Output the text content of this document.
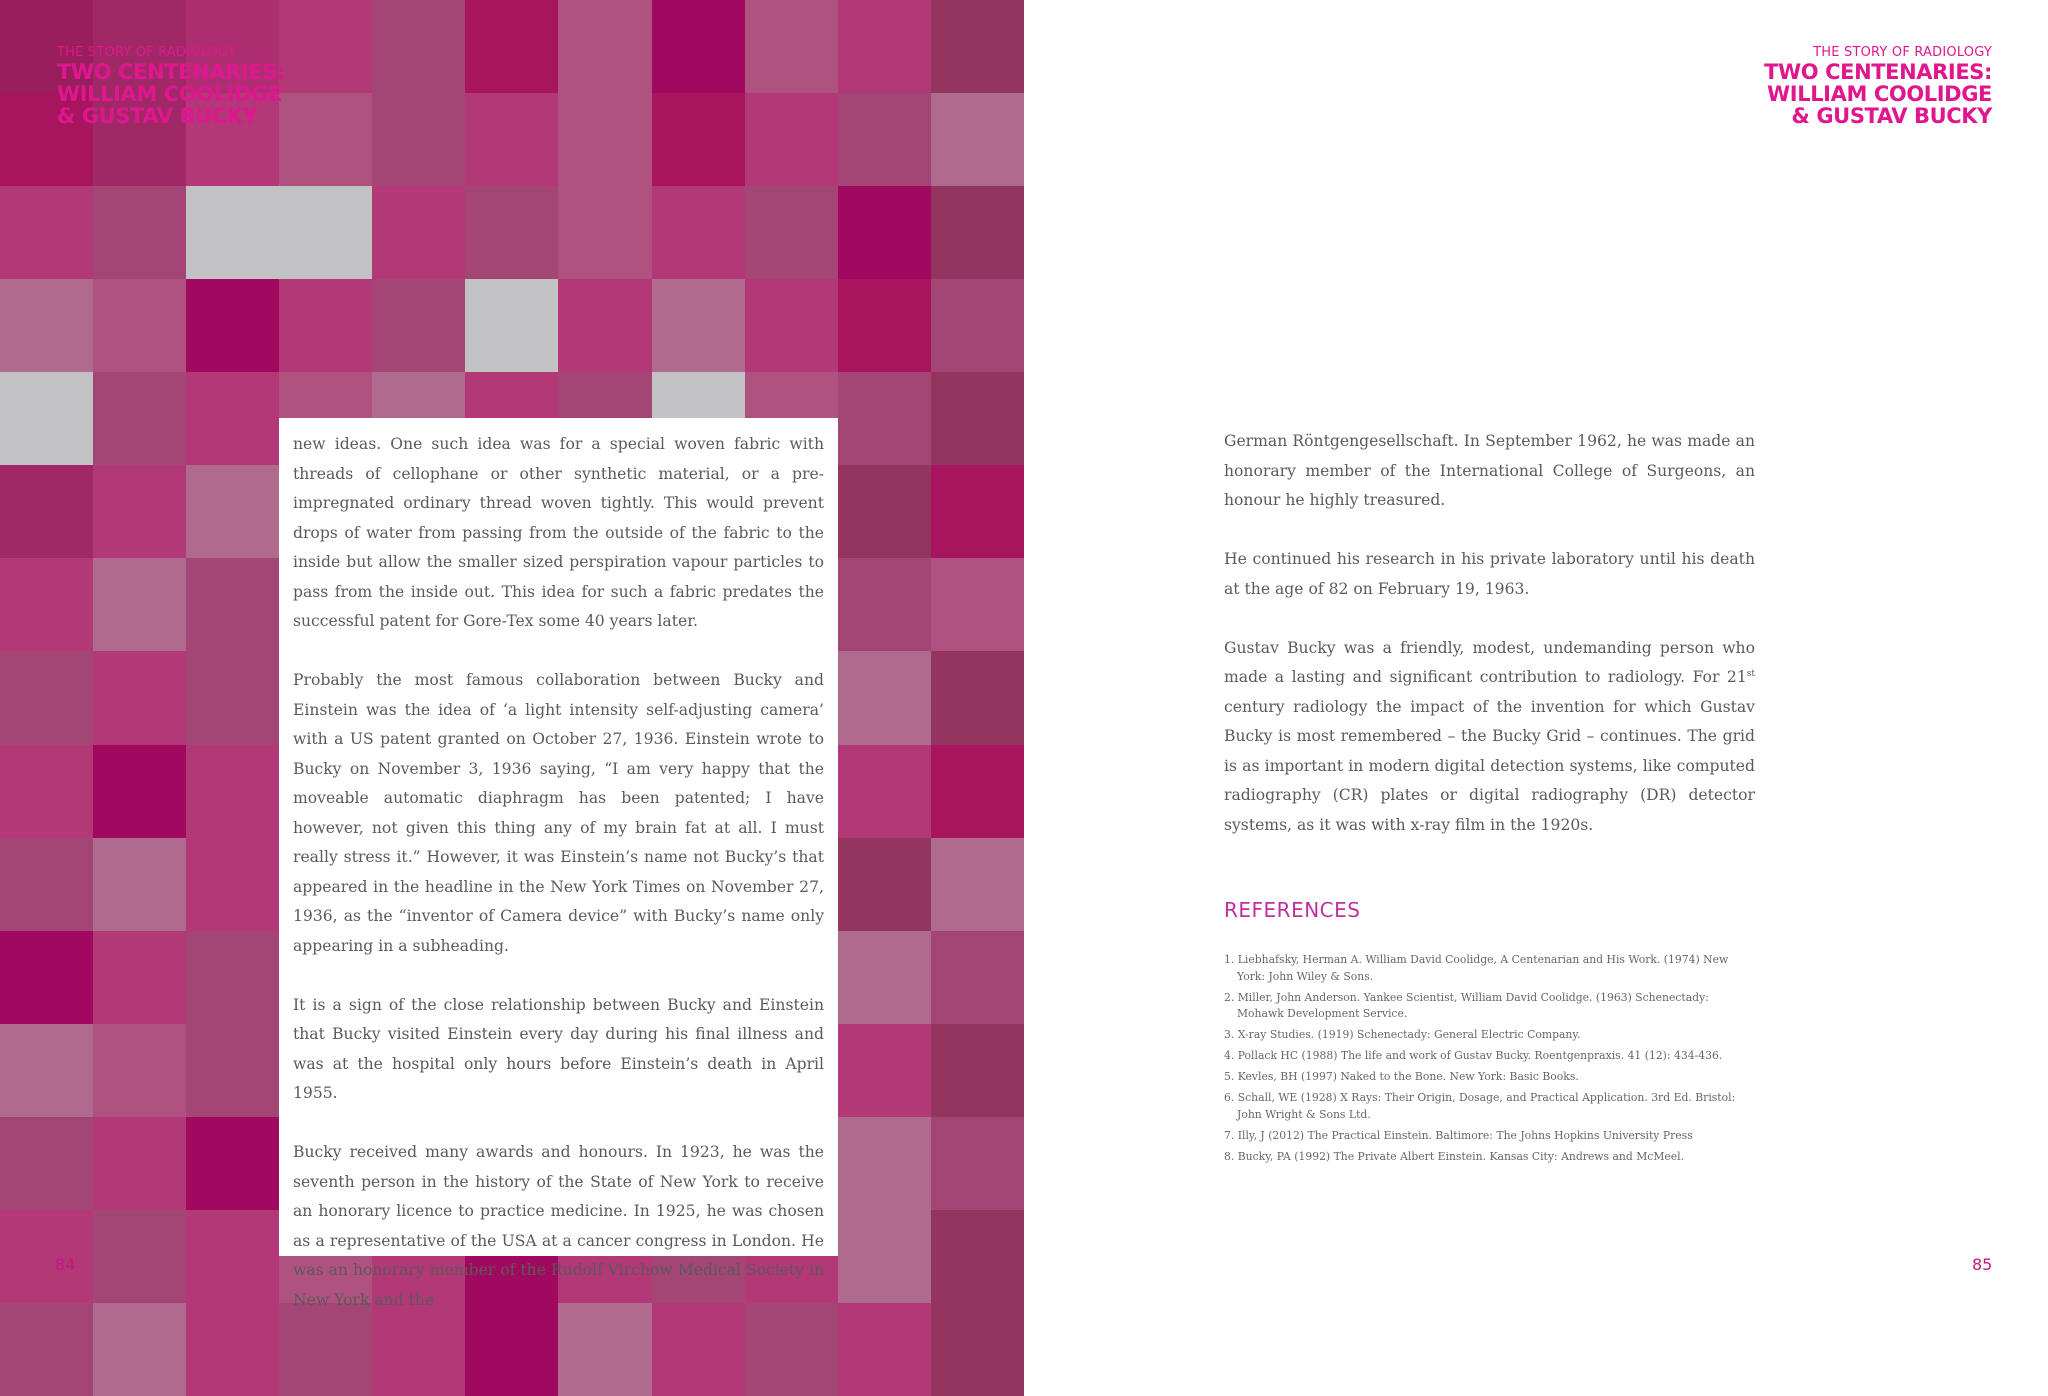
THE STORY OF RADIOLOGY
TWO CENTENARIES:
WILLIAM COOLIDGE
& GUSTAV BUCKY

new ideas. One such idea was for a special woven fabric with threads of cellophane or other synthetic material, or a pre-impregnated ordinary thread woven tightly. This would prevent drops of water from passing from the outside of the fabric to the inside but allow the smaller sized perspiration vapour particles to pass from the inside out. This idea for such a fabric predates the successful patent for Gore-Tex some 40 years later.

Probably the most famous collaboration between Bucky and Einstein was the idea of ‘a light intensity self-adjusting camera’ with a US patent granted on October 27, 1936. Einstein wrote to Bucky on November 3, 1936 saying, “I am very happy that the moveable automatic diaphragm has been patented; I have however, not given this thing any of my brain fat at all. I must really stress it.” However, it was Einstein’s name not Bucky’s that appeared in the headline in the New York Times on November 27, 1936, as the “inventor of Camera device” with Bucky’s name only appearing in a subheading.

It is a sign of the close relationship between Bucky and Einstein that Bucky visited Einstein every day during his final illness and was at the hospital only hours before Einstein’s death in April 1955.

Bucky received many awards and honours. In 1923, he was the seventh person in the history of the State of New York to receive an honorary licence to practice medicine. In 1925, he was chosen as a representative of the USA at a cancer congress in London. He was an honorary member of the Rudolf Virchow Medical Society in New York and the

84
THE STORY OF RADIOLOGY
TWO CENTENARIES:
WILLIAM COOLIDGE
& GUSTAV BUCKY

German Röntgengesellschaft. In September 1962, he was made an honorary member of the International College of Surgeons, an honour he highly treasured.

He continued his research in his private laboratory until his death at the age of 82 on February 19, 1963.

Gustav Bucky was a friendly, modest, undemanding person who made a lasting and significant contribution to radiology. For 21st century radiology the impact of the invention for which Gustav Bucky is most remembered – the Bucky Grid – continues. The grid is as important in modern digital detection systems, like computed radiography (CR) plates or digital radiography (DR) detector systems, as it was with x-ray film in the 1920s.

REFERENCES
1. Liebhafsky, Herman A. William David Coolidge, A Centenarian and His Work. (1974) New York: John Wiley & Sons.
2. Miller, John Anderson. Yankee Scientist, William David Coolidge. (1963) Schenectady: Mohawk Development Service.
3. X-ray Studies. (1919) Schenectady: General Electric Company.
4. Pollack HC (1988) The life and work of Gustav Bucky. Roentgenpraxis. 41 (12): 434-436.
5. Kevles, BH (1997) Naked to the Bone. New York: Basic Books.
6. Schall, WE (1928) X Rays: Their Origin, Dosage, and Practical Application. 3rd Ed. Bristol: John Wright & Sons Ltd.
7. Illy, J (2012) The Practical Einstein. Baltimore: The Johns Hopkins University Press
8. Bucky, PA (1992) The Private Albert Einstein. Kansas City: Andrews and McMeel.
85
